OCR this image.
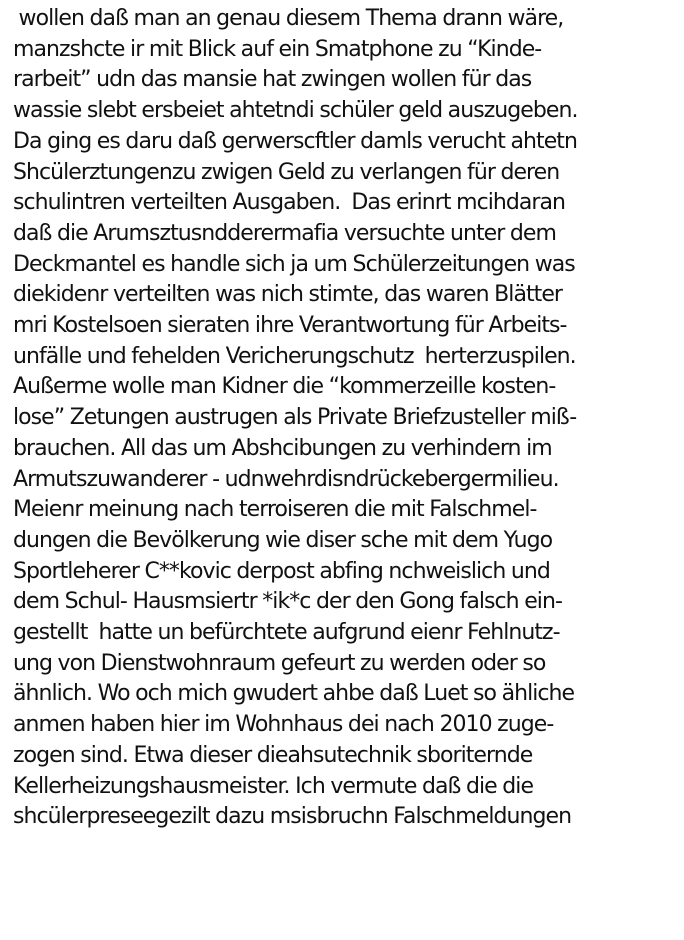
wollen daß man an genau diesem Thema drann wäre,
manzshcte ir mit Blick auf ein Smatphone zu “Kinde-
rarbeit” udn das mansie hat zwingen wollen für das
wassie slebt ersbeiet ahtetndi schüler geld auszugeben.
Da ging es daru daß gerwerscftler damls verucht ahtetn
Shcülerztungenzu zwigen Geld zu verlangen für deren
schulintren verteilten Ausgaben.  Das erinrt mcihdaran
daß die Arumsztusndderermafia versuchte unter dem
Deckmantel es handle sich ja um Schülerzeitungen was
diekidenr verteilten was nich stimte, das waren Blätter
mri Kostelsoen sieraten ihre Verantwortung für Arbeits-
unfälle und fehelden Vericherungschutz  herterzuspilen.
Außerme wolle man Kidner die “kommerzeille kosten-
lose” Zetungen austrugen als Private Briefzusteller miß-
brauchen. All das um Abshcibungen zu verhindern im
Armutszuwanderer - udnwehrdisndrückebergermilieu.
Meienr meinung nach terroiseren die mit Falschmel-
dungen die Bevölkerung wie diser sche mit dem Yugo
Sportleherer C**kovic derpost abfing nchweislich und
dem Schul- Hausmsiertr *ik*c der den Gong falsch ein-
gestellt  hatte un befürchtete aufgrund eienr Fehlnutz-
ung von Dienstwohnraum gefeurt zu werden oder so
ähnlich. Wo och mich gwudert ahbe daß Luet so ähliche
anmen haben hier im Wohnhaus dei nach 2010 zuge-
zogen sind. Etwa dieser dieahsutechnik sboriternde
Kellerheizungshausmeister. Ich vermute daß die die
shcülerpreseegezilt dazu msisbruchn Falschmeldungen
